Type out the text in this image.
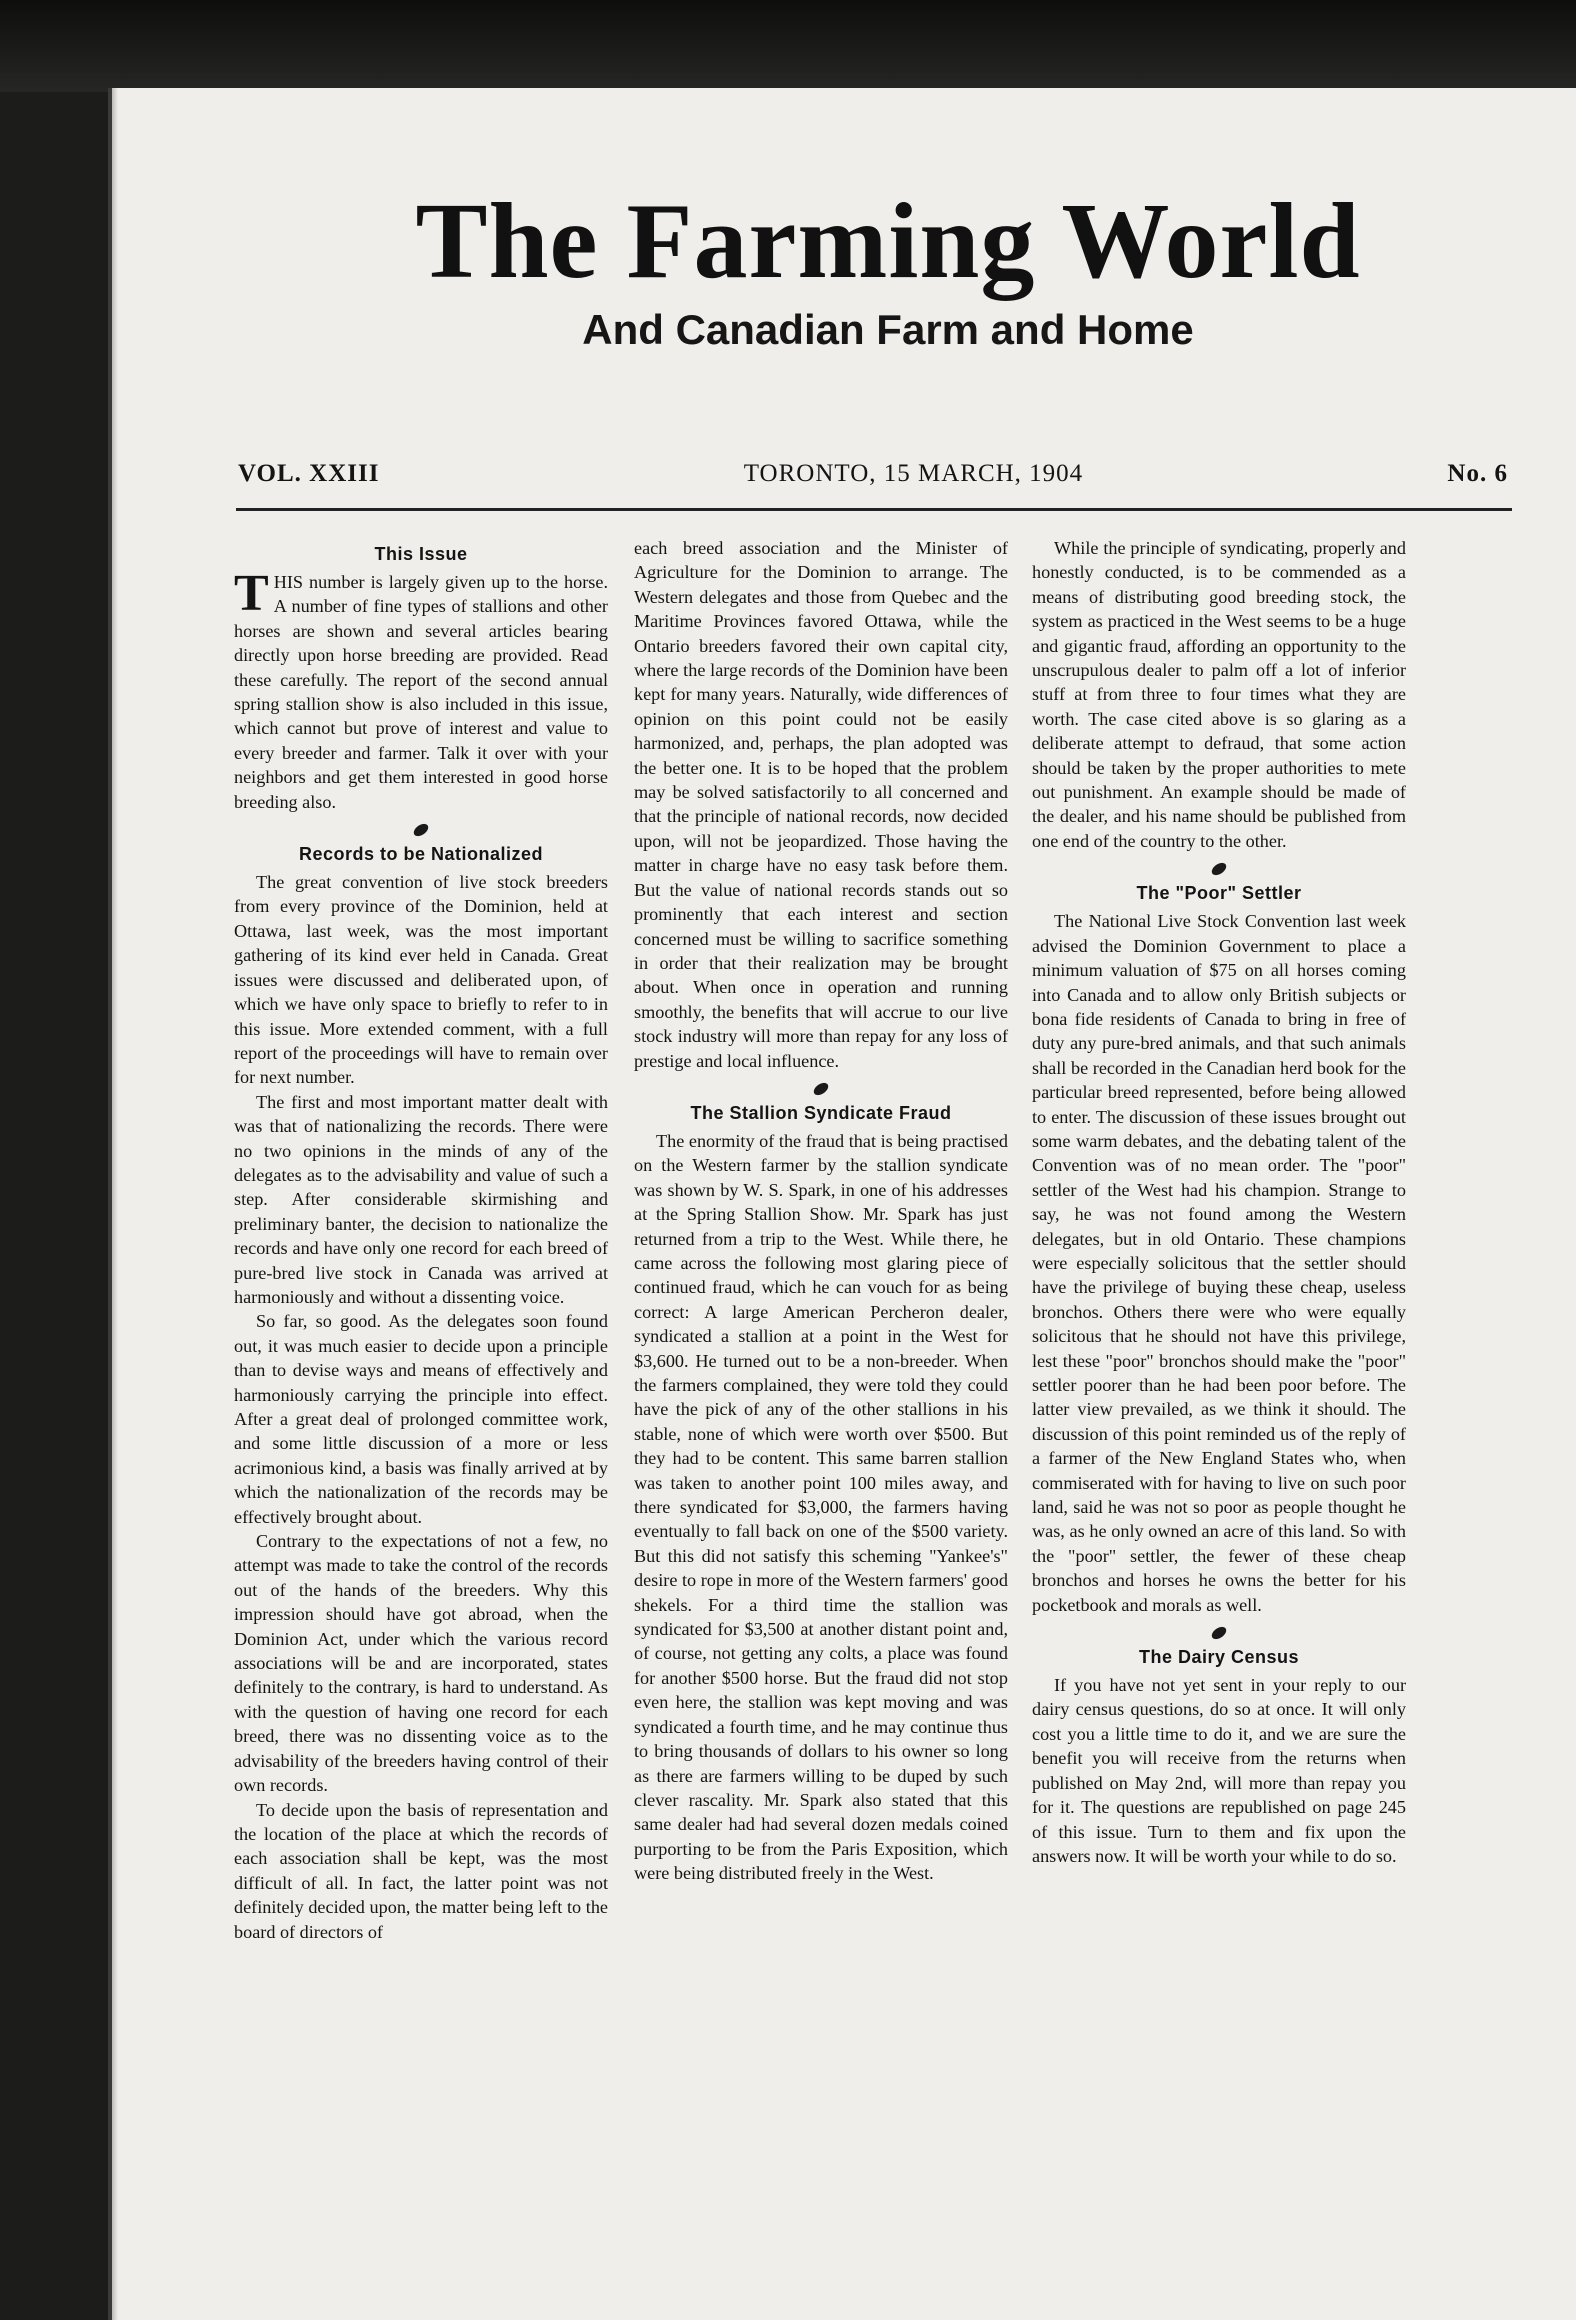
The Farming World
And Canadian Farm and Home
VOL. XXIII	TORONTO, 15 MARCH, 1904	No. 6
This Issue

THIS number is largely given up to the horse. A number of fine types of stallions and other horses are shown and several articles bearing directly upon horse breeding are provided. Read these carefully. The report of the second annual spring stallion show is also included in this issue, which cannot but prove of interest and value to every breeder and farmer. Talk it over with your neighbors and get them interested in good horse breeding also.

Records to be Nationalized

The great convention of live stock breeders from every province of the Dominion, held at Ottawa, last week, was the most important gathering of its kind ever held in Canada. Great issues were discussed and deliberated upon, of which we have only space to briefly to refer to in this issue. More extended comment, with a full report of the proceedings will have to remain over for next number.

The first and most important matter dealt with was that of nationalizing the records. There were no two opinions in the minds of any of the delegates as to the advisability and value of such a step. After considerable skirmishing and preliminary banter, the decision to nationalize the records and have only one record for each breed of pure-bred live stock in Canada was arrived at harmoniously and without a dissenting voice.

So far, so good. As the delegates soon found out, it was much easier to decide upon a principle than to devise ways and means of effectively and harmoniously carrying the principle into effect. After a great deal of prolonged committee work, and some little discussion of a more or less acrimonious kind, a basis was finally arrived at by which the nationalization of the records may be effectively brought about.

Contrary to the expectations of not a few, no attempt was made to take the control of the records out of the hands of the breeders. Why this impression should have got abroad, when the Dominion Act, under which the various record associations will be and are incorporated, states definitely to the contrary, is hard to understand. As with the question of having one record for each breed, there was no dissenting voice as to the advisability of the breeders having control of their own records.

To decide upon the basis of representation and the location of the place at which the records of each association shall be kept, was the most difficult of all. In fact, the latter point was not definitely decided upon, the matter being left to the board of directors of

each breed association and the Minister of Agriculture for the Dominion to arrange. The Western delegates and those from Quebec and the Maritime Provinces favored Ottawa, while the Ontario breeders favored their own capital city, where the large records of the Dominion have been kept for many years. Naturally, wide differences of opinion on this point could not be easily harmonized, and, perhaps, the plan adopted was the better one. It is to be hoped that the problem may be solved satisfactorily to all concerned and that the principle of national records, now decided upon, will not be jeopardized. Those having the matter in charge have no easy task before them. But the value of national records stands out so prominently that each interest and section concerned must be willing to sacrifice something in order that their realization may be brought about. When once in operation and running smoothly, the benefits that will accrue to our live stock industry will more than repay for any loss of prestige and local influence.

The Stallion Syndicate Fraud

The enormity of the fraud that is being practised on the Western farmer by the stallion syndicate was shown by W. S. Spark, in one of his addresses at the Spring Stallion Show. Mr. Spark has just returned from a trip to the West. While there, he came across the following most glaring piece of continued fraud, which he can vouch for as being correct: A large American Percheron dealer, syndicated a stallion at a point in the West for $3,600. He turned out to be a non-breeder. When the farmers complained, they were told they could have the pick of any of the other stallions in his stable, none of which were worth over $500. But they had to be content. This same barren stallion was taken to another point 100 miles away, and there syndicated for $3,000, the farmers having eventually to fall back on one of the $500 variety. But this did not satisfy this scheming "Yankee's" desire to rope in more of the Western farmers' good shekels. For a third time the stallion was syndicated for $3,500 at another distant point and, of course, not getting any colts, a place was found for another $500 horse. But the fraud did not stop even here, the stallion was kept moving and was syndicated a fourth time, and he may continue thus to bring thousands of dollars to his owner so long as there are farmers willing to be duped by such clever rascality. Mr. Spark also stated that this same dealer had had several dozen medals coined purporting to be from the Paris Exposition, which were being distributed freely in the West.

While the principle of syndicating, properly and honestly conducted, is to be commended as a means of distributing good breeding stock, the system as practiced in the West seems to be a huge and gigantic fraud, affording an opportunity to the unscrupulous dealer to palm off a lot of inferior stuff at from three to four times what they are worth. The case cited above is so glaring as a deliberate attempt to defraud, that some action should be taken by the proper authorities to mete out punishment. An example should be made of the dealer, and his name should be published from one end of the country to the other.

The "Poor" Settler

The National Live Stock Convention last week advised the Dominion Government to place a minimum valuation of $75 on all horses coming into Canada and to allow only British subjects or bona fide residents of Canada to bring in free of duty any pure-bred animals, and that such animals shall be recorded in the Canadian herd book for the particular breed represented, before being allowed to enter. The discussion of these issues brought out some warm debates, and the debating talent of the Convention was of no mean order. The "poor" settler of the West had his champion. Strange to say, he was not found among the Western delegates, but in old Ontario. These champions were especially solicitous that the settler should have the privilege of buying these cheap, useless bronchos. Others there were who were equally solicitous that he should not have this privilege, lest these "poor" bronchos should make the "poor" settler poorer than he had been poor before. The latter view prevailed, as we think it should. The discussion of this point reminded us of the reply of a farmer of the New England States who, when commiserated with for having to live on such poor land, said he was not so poor as people thought he was, as he only owned an acre of this land. So with the "poor" settler, the fewer of these cheap bronchos and horses he owns the better for his pocketbook and morals as well.

The Dairy Census

If you have not yet sent in your reply to our dairy census questions, do so at once. It will only cost you a little time to do it, and we are sure the benefit you will receive from the returns when published on May 2nd, will more than repay you for it. The questions are republished on page 245 of this issue. Turn to them and fix upon the answers now. It will be worth your while to do so.
